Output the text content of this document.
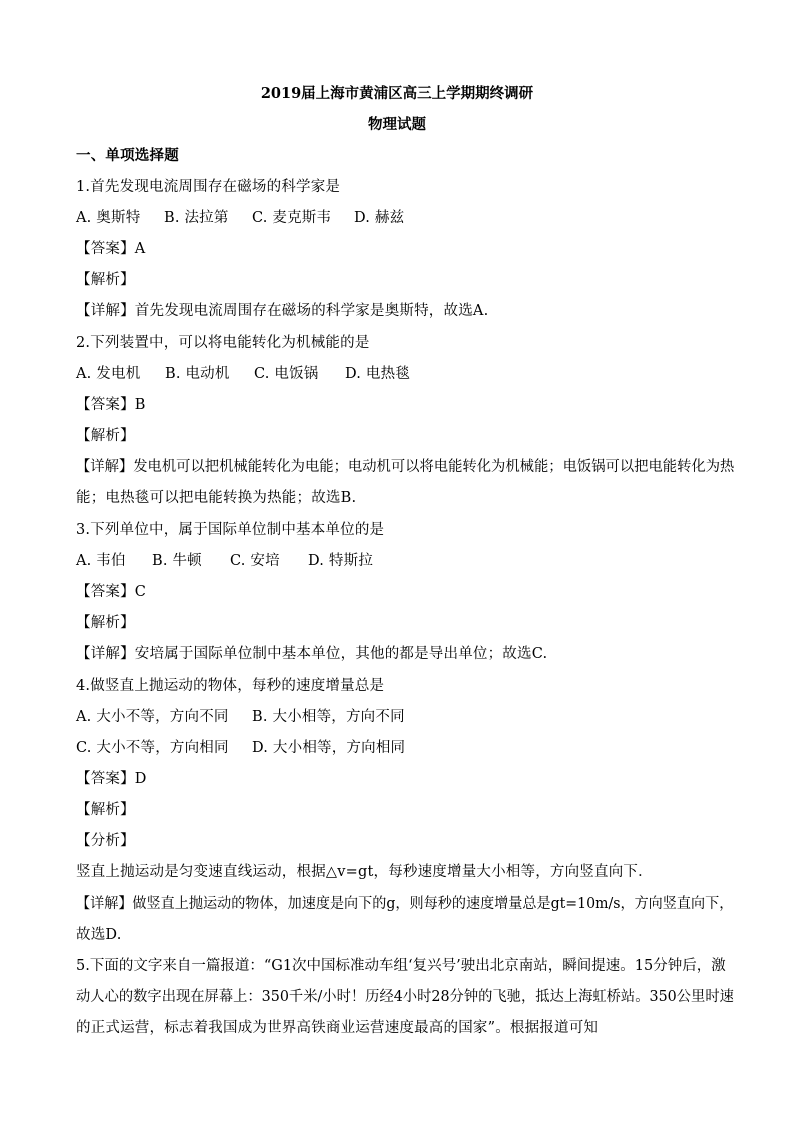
2019届上海市黄浦区高三上学期期终调研
物理试题
一、单项选择题
1.首先发现电流周围存在磁场的科学家是
A. 奥斯特 B. 法拉第 C. 麦克斯韦 D. 赫兹
【答案】A
【解析】
【详解】首先发现电流周围存在磁场的科学家是奥斯特，故选A.
2.下列装置中，可以将电能转化为机械能的是
A. 发电机 B. 电动机 C. 电饭锅 D. 电热毯
【答案】B
【解析】
【详解】发电机可以把机械能转化为电能；电动机可以将电能转化为机械能；电饭锅可以把电能转化为热
能；电热毯可以把电能转换为热能；故选B.
3.下列单位中，属于国际单位制中基本单位的是
A. 韦伯 B. 牛顿 C. 安培 D. 特斯拉
【答案】C
【解析】
【详解】安培属于国际单位制中基本单位，其他的都是导出单位；故选C.
4.做竖直上抛运动的物体，每秒的速度增量总是
A. 大小不等，方向不同 B. 大小相等，方向不同
C. 大小不等，方向相同 D. 大小相等，方向相同
【答案】D
【解析】
【分析】
竖直上抛运动是匀变速直线运动，根据△v=gt，每秒速度增量大小相等，方向竖直向下．
【详解】做竖直上抛运动的物体，加速度是向下的g，则每秒的速度增量总是gt=10m/s，方向竖直向下，
故选D.
5.下面的文字来自一篇报道：“G1次中国标准动车组‘复兴号’驶出北京南站，瞬间提速。15分钟后，激
动人心的数字出现在屏幕上：350千米/小时！历经4小时28分钟的飞驰，抵达上海虹桥站。350公里时速
的正式运营，标志着我国成为世界高铁商业运营速度最高的国家”。根据报道可知
